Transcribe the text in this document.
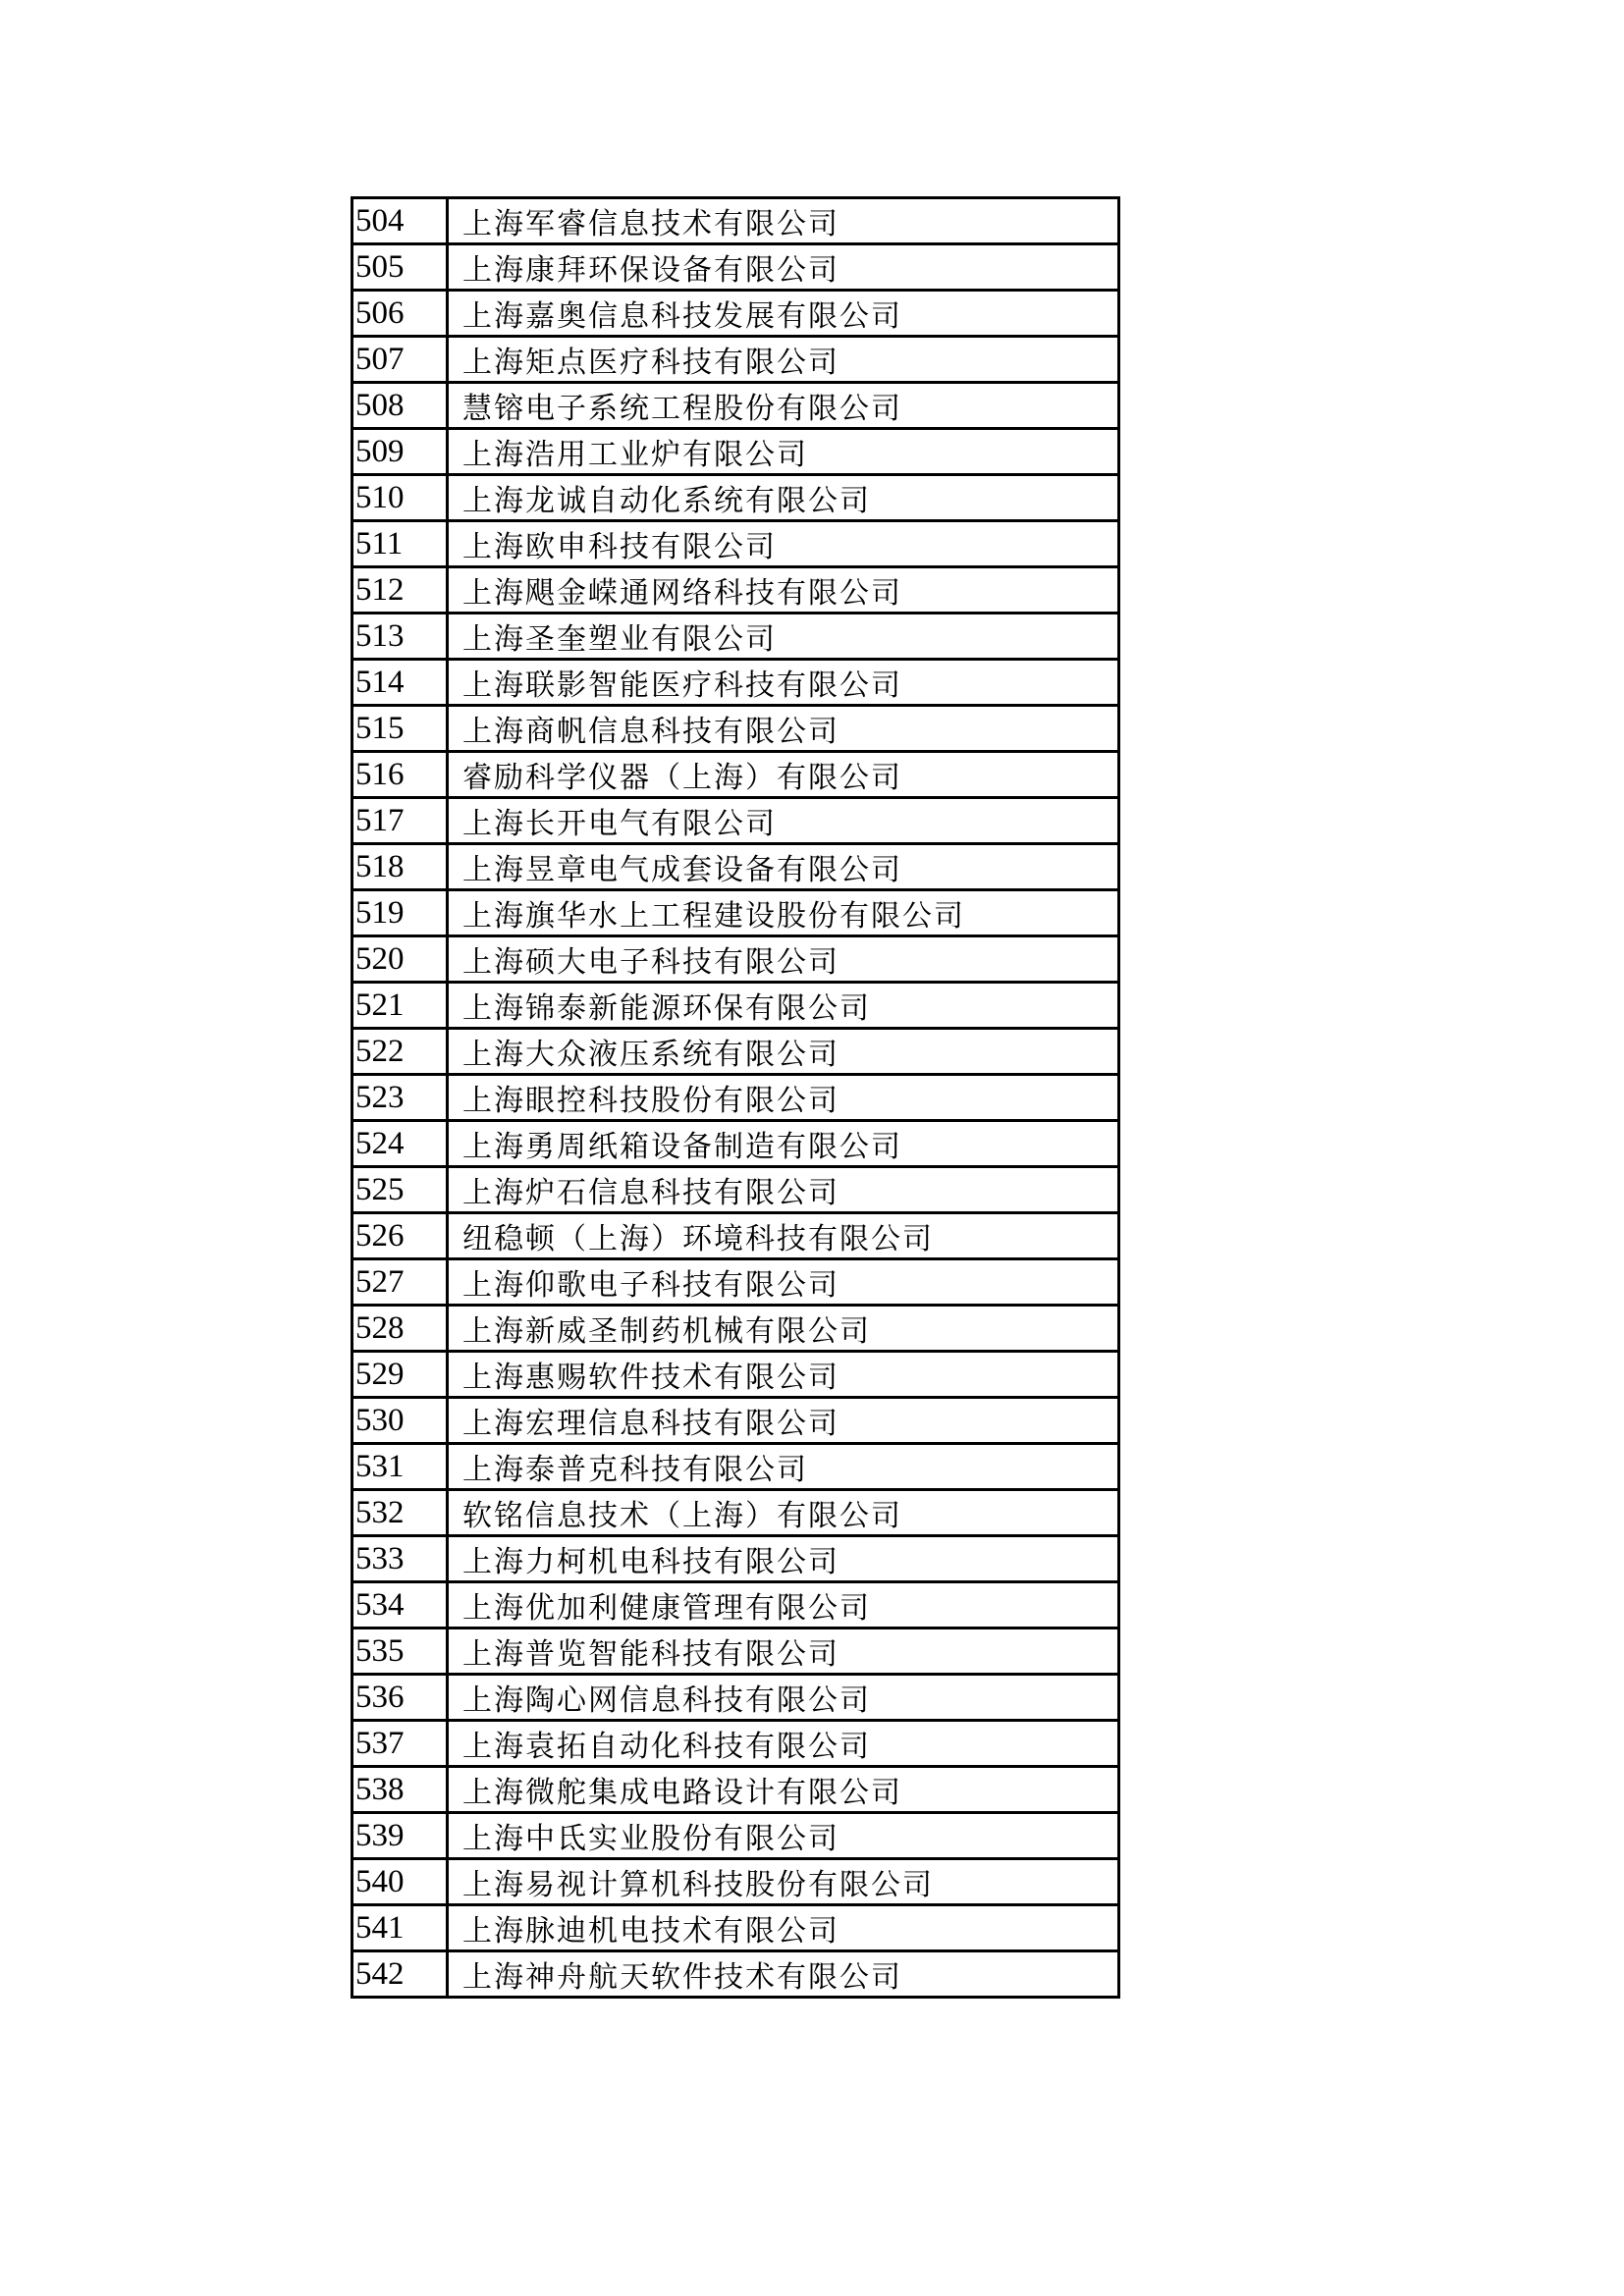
504	上海军睿信息技术有限公司
505	上海康拜环保设备有限公司
506	上海嘉奥信息科技发展有限公司
507	上海矩点医疗科技有限公司
508	慧镕电子系统工程股份有限公司
509	上海浩用工业炉有限公司
510	上海龙诚自动化系统有限公司
511	上海欧申科技有限公司
512	上海飓金嵘通网络科技有限公司
513	上海圣奎塑业有限公司
514	上海联影智能医疗科技有限公司
515	上海商帆信息科技有限公司
516	睿励科学仪器（上海）有限公司
517	上海长开电气有限公司
518	上海昱章电气成套设备有限公司
519	上海旗华水上工程建设股份有限公司
520	上海硕大电子科技有限公司
521	上海锦泰新能源环保有限公司
522	上海大众液压系统有限公司
523	上海眼控科技股份有限公司
524	上海勇周纸箱设备制造有限公司
525	上海炉石信息科技有限公司
526	纽稳顿（上海）环境科技有限公司
527	上海仰歌电子科技有限公司
528	上海新威圣制药机械有限公司
529	上海惠赐软件技术有限公司
530	上海宏理信息科技有限公司
531	上海泰普克科技有限公司
532	软铭信息技术（上海）有限公司
533	上海力柯机电科技有限公司
534	上海优加利健康管理有限公司
535	上海普览智能科技有限公司
536	上海陶心网信息科技有限公司
537	上海袁拓自动化科技有限公司
538	上海微舵集成电路设计有限公司
539	上海中氐实业股份有限公司
540	上海易视计算机科技股份有限公司
541	上海脉迪机电技术有限公司
542	上海神舟航天软件技术有限公司
